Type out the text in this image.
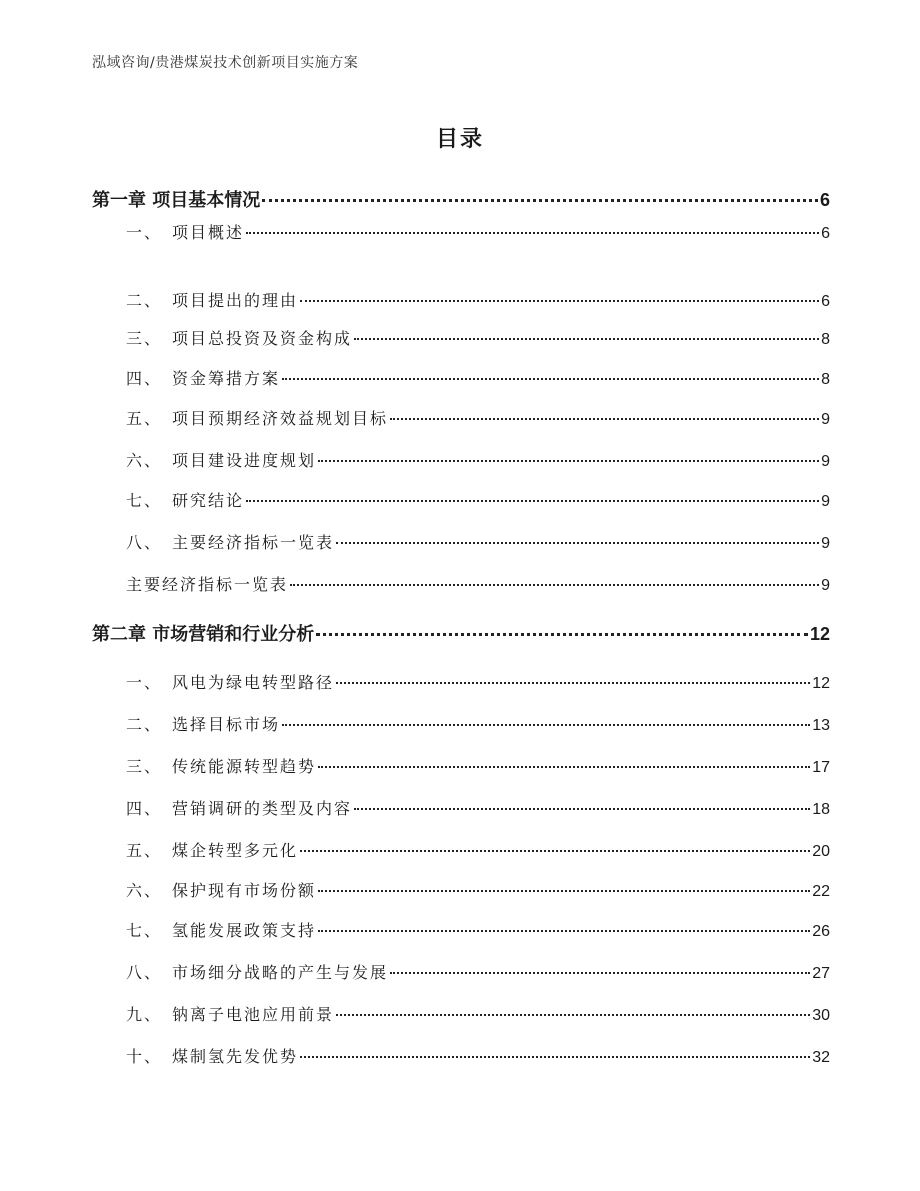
泓域咨询/贵港煤炭技术创新项目实施方案
目录
第一章 项目基本情况	6
一、 项目概述	6
二、 项目提出的理由	6
三、 项目总投资及资金构成	8
四、 资金筹措方案	8
五、 项目预期经济效益规划目标	9
六、 项目建设进度规划	9
七、 研究结论	9
八、 主要经济指标一览表	9
主要经济指标一览表	9
第二章 市场营销和行业分析	12
一、 风电为绿电转型路径	12
二、 选择目标市场	13
三、 传统能源转型趋势	17
四、 营销调研的类型及内容	18
五、 煤企转型多元化	20
六、 保护现有市场份额	22
七、 氢能发展政策支持	26
八、 市场细分战略的产生与发展	27
九、 钠离子电池应用前景	30
十、 煤制氢先发优势	32
